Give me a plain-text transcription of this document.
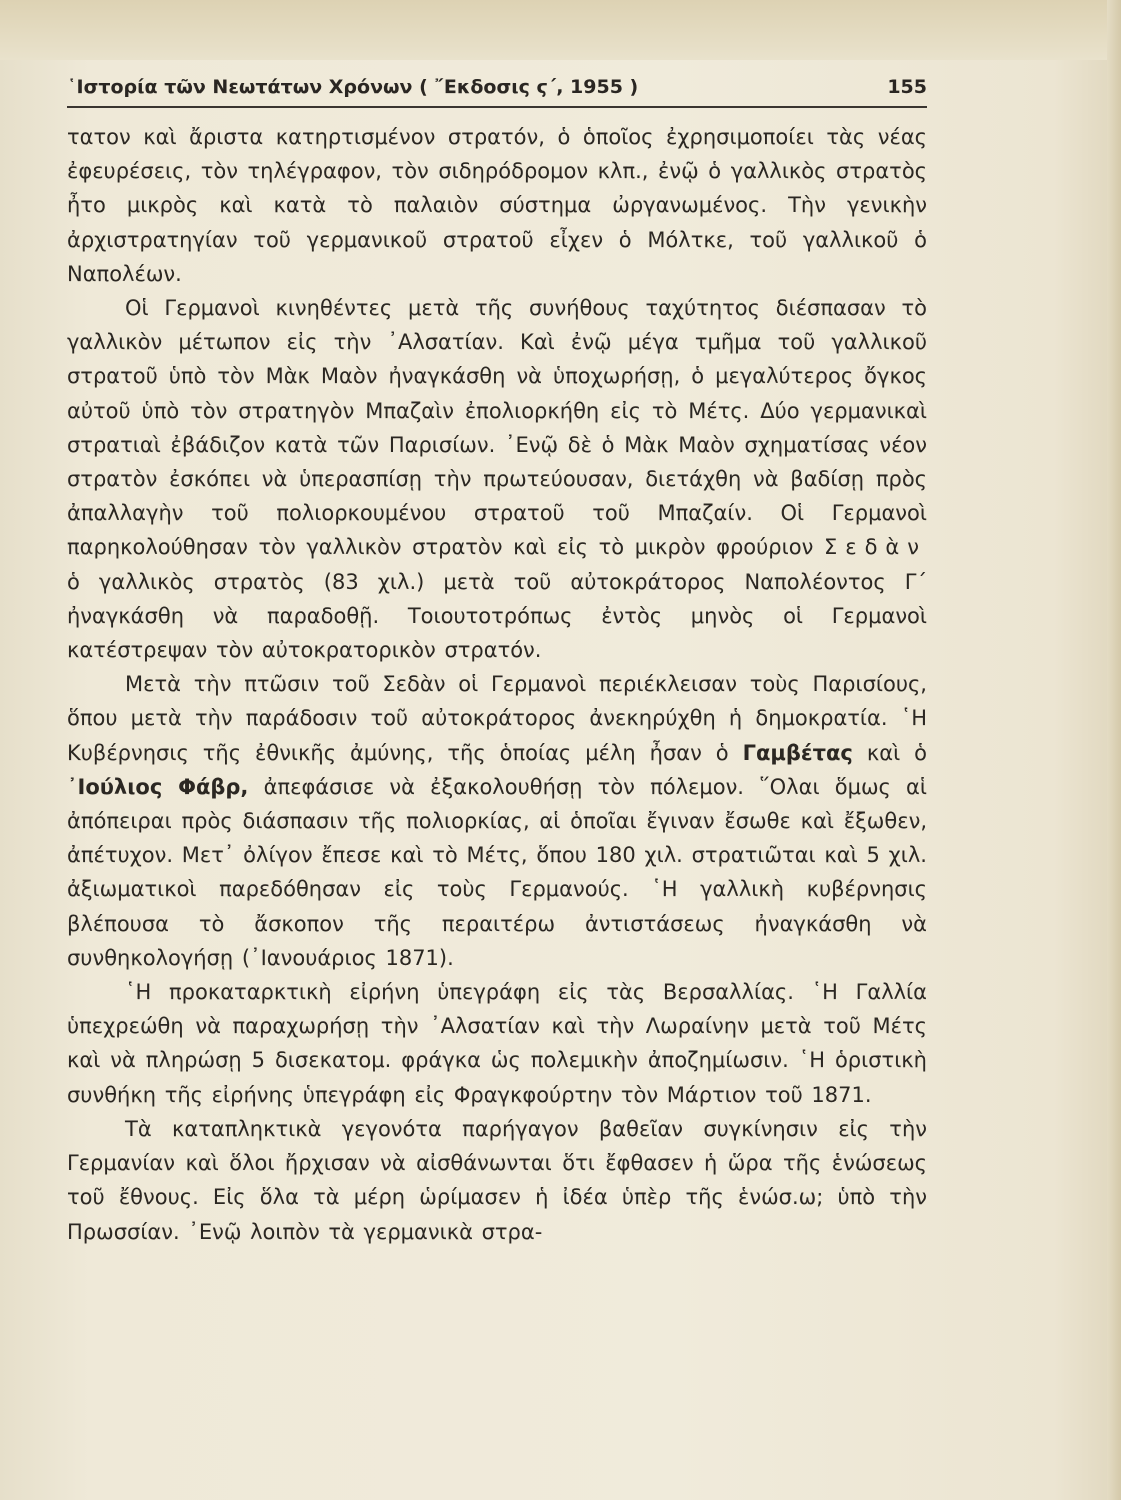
῾Ιστορία τῶν Νεωτάτων Χρόνων ( ῎Εκδοσις ϛ΄, 1955 )	155

τατον καὶ ἄριστα κατηρτισμένον στρατόν, ὁ ὁποῖος ἐχρησιμοποίει τὰς νέας ἐφευρέσεις, τὸν τηλέγραφον, τὸν σιδηρόδρομον κλπ., ἐνῷ ὁ γαλλικὸς στρατὸς ἦτο μικρὸς καὶ κατὰ τὸ παλαιὸν σύστημα ὠργανωμένος. Τὴν γενικὴν ἀρχιστρατηγίαν τοῦ γερμανικοῦ στρατοῦ εἶχεν ὁ Μόλτκε, τοῦ γαλλικοῦ ὁ Ναπολέων.

Οἱ Γερμανοὶ κινηθέντες μετὰ τῆς συνήθους ταχύτητος διέσπασαν τὸ γαλλικὸν μέτωπον εἰς τὴν ᾽Αλσατίαν. Καὶ ἐνῷ μέγα τμῆμα τοῦ γαλλικοῦ στρατοῦ ὑπὸ τὸν Μὰκ Μαὸν ἠναγκάσθη νὰ ὑποχωρήσῃ, ὁ μεγαλύτερος ὄγκος αὐτοῦ ὑπὸ τὸν στρατηγὸν Μπαζαὶν ἐπολιορκήθη εἰς τὸ Μέτς. Δύο γερμανικαὶ στρατιαὶ ἐβάδιζον κατὰ τῶν Παρισίων. ᾽Ενῷ δὲ ὁ Μὰκ Μαὸν σχηματίσας νέον στρατὸν ἐσκόπει νὰ ὑπερασπίσῃ τὴν πρωτεύουσαν, διετάχθη νὰ βαδίσῃ πρὸς ἀπαλλαγὴν τοῦ πολιορκουμένου στρατοῦ τοῦ Μπαζαίν. Οἱ Γερμανοὶ παρηκολούθησαν τὸν γαλλικὸν στρατὸν καὶ εἰς τὸ μικρὸν φρούριον Σεδὰν ὁ γαλλικὸς στρατὸς (83 χιλ.) μετὰ τοῦ αὐτοκράτορος Ναπολέοντος Γ΄ ἠναγκάσθη νὰ παραδοθῇ. Τοιουτοτρόπως ἐντὸς μηνὸς οἱ Γερμανοὶ κατέστρεψαν τὸν αὐτοκρατορικὸν στρατόν.

Μετὰ τὴν πτῶσιν τοῦ Σεδὰν οἱ Γερμανοὶ περιέκλεισαν τοὺς Παρισίους, ὅπου μετὰ τὴν παράδοσιν τοῦ αὐτοκράτορος ἀνεκηρύχθη ἡ δημοκρατία. ῾Η Κυβέρνησις τῆς ἐθνικῆς ἀμύνης, τῆς ὁποίας μέλη ἦσαν ὁ Γαμβέτας καὶ ὁ ᾽Ιούλιος Φάβρ, ἀπεφάσισε νὰ ἐξακολουθήσῃ τὸν πόλεμον. ῞Ολαι ὅμως αἱ ἀπόπειραι πρὸς διάσπασιν τῆς πολιορκίας, αἱ ὁποῖαι ἔγιναν ἔσωθε καὶ ἔξωθεν, ἀπέτυχον. Μετ᾽ ὀλίγον ἔπεσε καὶ τὸ Μέτς, ὅπου 180 χιλ. στρατιῶται καὶ 5 χιλ. ἀξιωματικοὶ παρεδόθησαν εἰς τοὺς Γερμανούς. ῾Η γαλλικὴ κυβέρνησις βλέπουσα τὸ ἄσκοπον τῆς περαιτέρω ἀντιστάσεως ἠναγκάσθη νὰ συνθηκολογήσῃ (᾽Ιανουάριος 1871).

῾Η προκαταρκτικὴ εἰρήνη ὑπεγράφη εἰς τὰς Βερσαλλίας. ῾Η Γαλλία ὑπεχρεώθη νὰ παραχωρήσῃ τὴν ᾽Αλσατίαν καὶ τὴν Λωραίνην μετὰ τοῦ Μέτς καὶ νὰ πληρώσῃ 5 δισεκατομ. φράγκα ὡς πολεμικὴν ἀποζημίωσιν. ῾Η ὁριστικὴ συνθήκη τῆς εἰρήνης ὑπεγράφη εἰς Φραγκφούρτην τὸν Μάρτιον τοῦ 1871.

Τὰ καταπληκτικὰ γεγονότα παρήγαγον βαθεῖαν συγκίνησιν εἰς τὴν Γερμανίαν καὶ ὅλοι ἤρχισαν νὰ αἰσθάνωνται ὅτι ἔφθασεν ἡ ὥρα τῆς ἑνώσεως τοῦ ἔθνους. Εἰς ὅλα τὰ μέρη ὡρίμασεν ἡ ἰδέα ὑπὲρ τῆς ἑνώσ.ω; ὑπὸ τὴν Πρωσσίαν. ᾽Ενῷ λοιπὸν τὰ γερμανικὰ στρα-
